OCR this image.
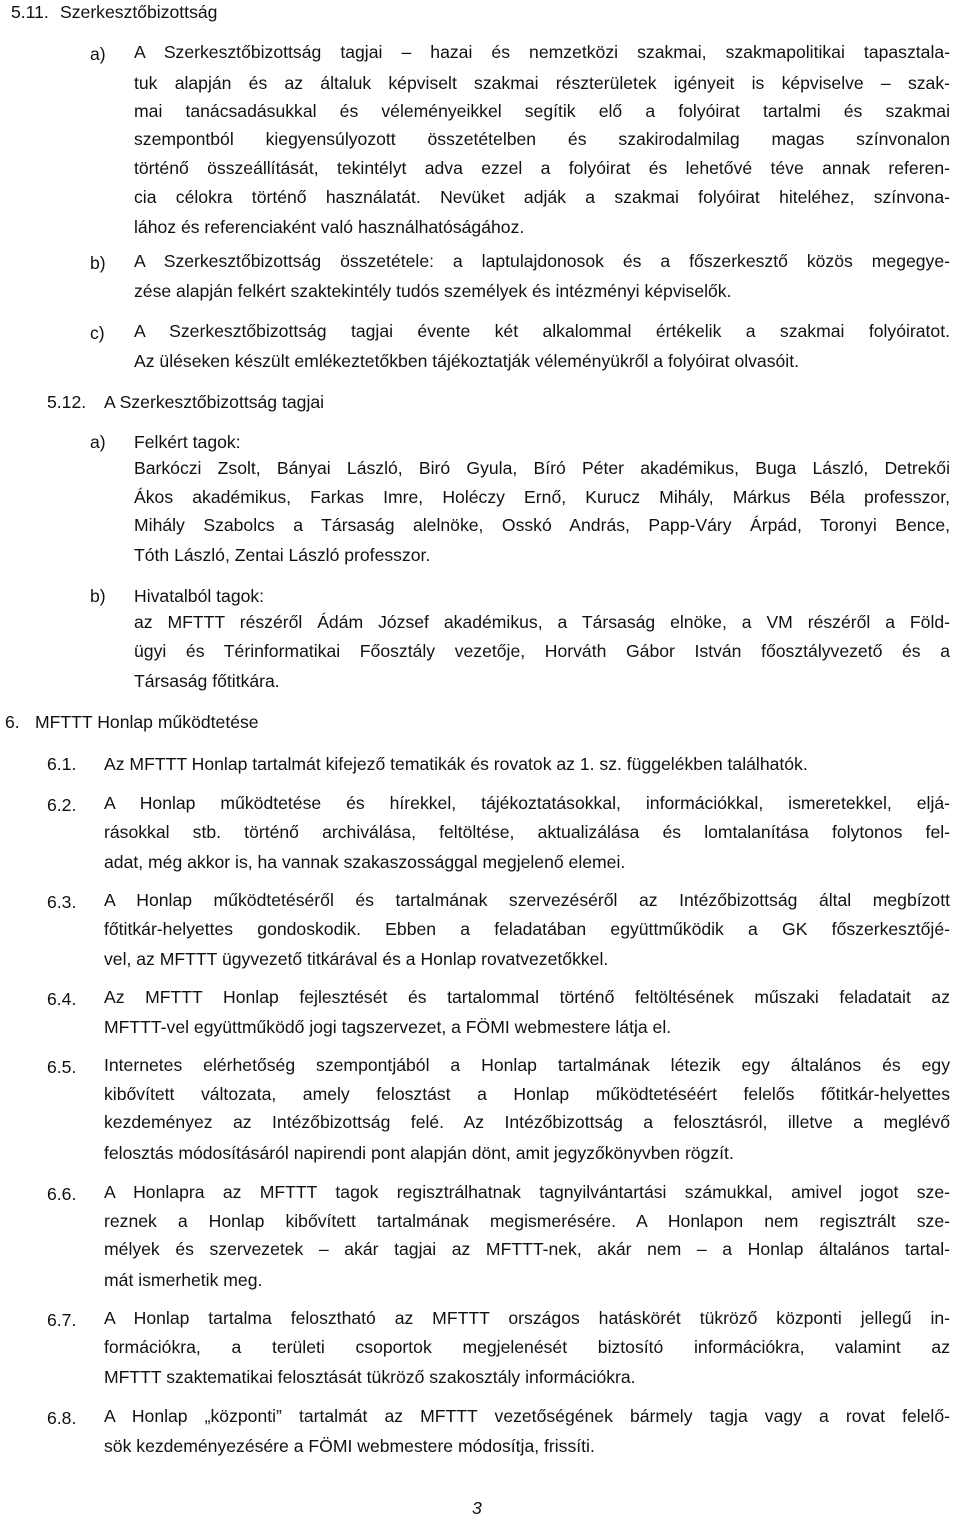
5.11. Szerkesztőbizottság
a) A Szerkesztőbizottság tagjai – hazai és nemzetközi szakmai, szakmapolitikai tapasztala-
tuk alapján és az általuk képviselt szakmai részterületek igényeit is képviselve – szak-
mai tanácsadásukkal és véleményeikkel segítik elő a folyóirat tartalmi és szakmai
szempontból kiegyensúlyozott összetételben és szakirodalmilag magas színvonalon
történő összeállítását, tekintélyt adva ezzel a folyóirat és lehetővé téve annak referen-
cia célokra történő használatát. Nevüket adják a szakmai folyóirat hiteléhez, színvona-
lához és referenciaként való használhatóságához.
b) A Szerkesztőbizottság összetétele: a laptulajdonosok és a főszerkesztő közös megegye-
zése alapján felkért szaktekintély tudós személyek és intézményi képviselők.
c) A Szerkesztőbizottság tagjai évente két alkalommal értékelik a szakmai folyóiratot.
Az üléseken készült emlékeztetőkben tájékoztatják véleményükről a folyóirat olvasóit.
5.12. A Szerkesztőbizottság tagjai
a) Felkért tagok:
Barkóczi Zsolt, Bányai László, Biró Gyula, Bíró Péter akadémikus, Buga László, Detrekői
Ákos akadémikus, Farkas Imre, Holéczy Ernő, Kurucz Mihály, Márkus Béla professzor,
Mihály Szabolcs a Társaság alelnöke, Osskó András, Papp-Váry Árpád, Toronyi Bence,
Tóth László, Zentai László professzor.
b) Hivatalból tagok:
az MFTTT részéről Ádám József akadémikus, a Társaság elnöke, a VM részéről a Föld-
ügyi és Térinformatikai Főosztály vezetője, Horváth Gábor István főosztályvezető és a
Társaság főtitkára.
6. MFTTT Honlap működtetése
6.1. Az MFTTT Honlap tartalmát kifejező tematikák és rovatok az 1. sz. függelékben találhatók.
6.2. A Honlap működtetése és hírekkel, tájékoztatásokkal, információkkal, ismeretekkel, eljá-
rásokkal stb. történő archiválása, feltöltése, aktualizálása és lomtalanítása folytonos fel-
adat, még akkor is, ha vannak szakaszossággal megjelenő elemei.
6.3. A Honlap működtetéséről és tartalmának szervezéséről az Intézőbizottság által megbízott
főtitkár-helyettes gondoskodik. Ebben a feladatában együttműködik a GK főszerkesztőjé-
vel, az MFTTT ügyvezető titkárával és a Honlap rovatvezetőkkel.
6.4. Az MFTTT Honlap fejlesztését és tartalommal történő feltöltésének műszaki feladatait az
MFTTT-vel együttműködő jogi tagszervezet, a FÖMI webmestere látja el.
6.5. Internetes elérhetőség szempontjából a Honlap tartalmának létezik egy általános és egy
kibővített változata, amely felosztást a Honlap működtetéséért felelős főtitkár-helyettes
kezdeményez az Intézőbizottság felé. Az Intézőbizottság a felosztásról, illetve a meglévő
felosztás módosításáról napirendi pont alapján dönt, amit jegyzőkönyvben rögzít.
6.6. A Honlapra az MFTTT tagok regisztrálhatnak tagnyilvántartási számukkal, amivel jogot sze-
reznek a Honlap kibővített tartalmának megismerésére. A Honlapon nem regisztrált sze-
mélyek és szervezetek – akár tagjai az MFTTT-nek, akár nem – a Honlap általános tartal-
mát ismerhetik meg.
6.7. A Honlap tartalma felosztható az MFTTT országos hatáskörét tükröző központi jellegű in-
formációkra, a területi csoportok megjelenését biztosító információkra, valamint az
MFTTT szaktematikai felosztását tükröző szakosztály információkra.
6.8. A Honlap „központi” tartalmát az MFTTT vezetőségének bármely tagja vagy a rovat felelő-
sök kezdeményezésére a FÖMI webmestere módosítja, frissíti.
3
